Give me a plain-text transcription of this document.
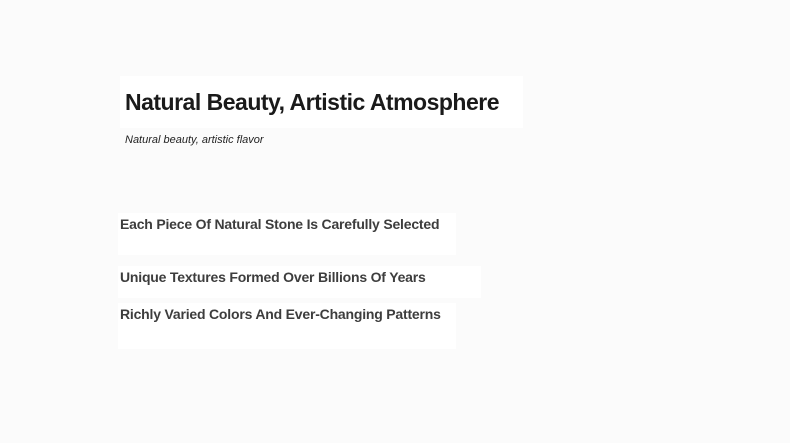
Natural Beauty, Artistic Atmosphere
Natural beauty, artistic flavor
Each Piece Of Natural Stone Is Carefully Selected
Unique Textures Formed Over Billions Of Years
Richly Varied Colors And Ever-Changing Patterns
